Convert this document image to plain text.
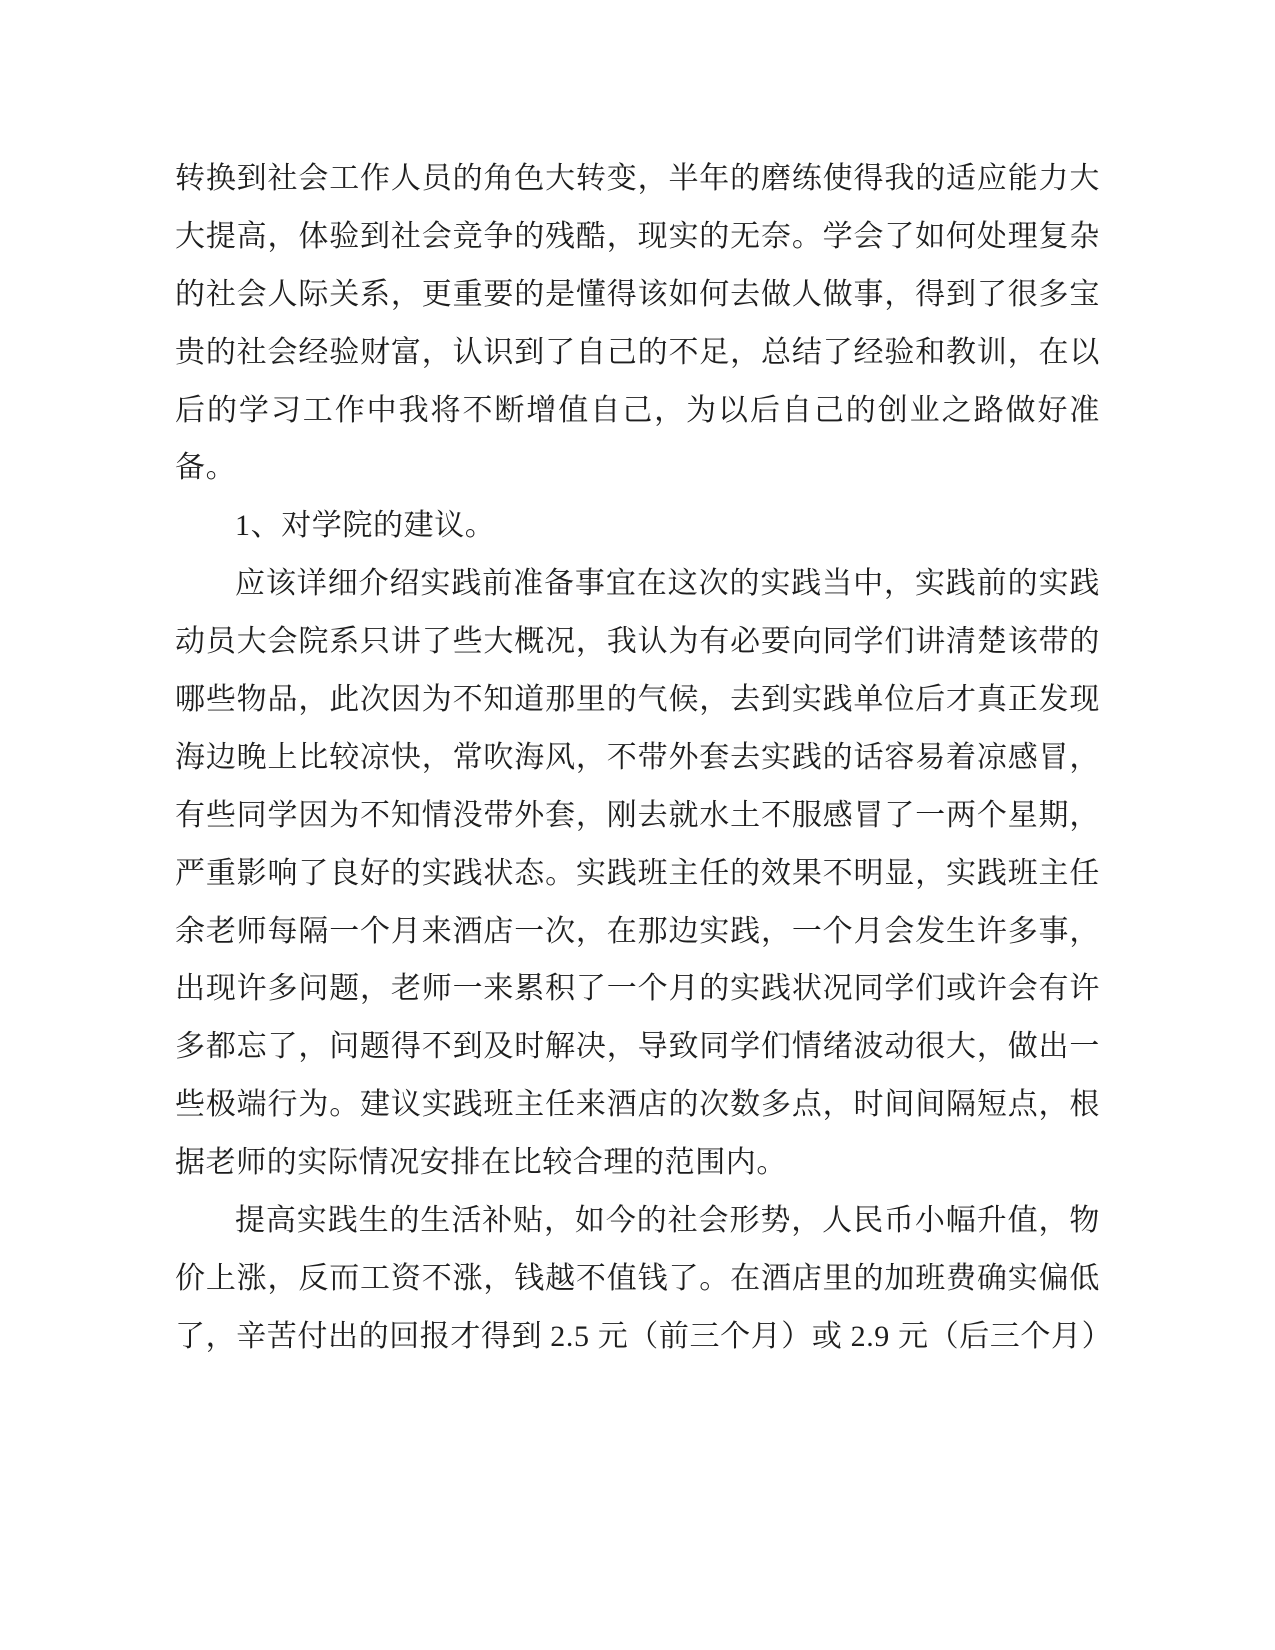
转换到社会工作人员的角色大转变，半年的磨练使得我的适应能力大大提高，体验到社会竞争的残酷，现实的无奈。学会了如何处理复杂的社会人际关系，更重要的是懂得该如何去做人做事，得到了很多宝贵的社会经验财富，认识到了自己的不足，总结了经验和教训，在以后的学习工作中我将不断增值自己，为以后自己的创业之路做好准备。

1、对学院的建议。

应该详细介绍实践前准备事宜在这次的实践当中，实践前的实践动员大会院系只讲了些大概况，我认为有必要向同学们讲清楚该带的哪些物品，此次因为不知道那里的气候，去到实践单位后才真正发现海边晚上比较凉快，常吹海风，不带外套去实践的话容易着凉感冒，有些同学因为不知情没带外套，刚去就水土不服感冒了一两个星期，严重影响了良好的实践状态。实践班主任的效果不明显，实践班主任余老师每隔一个月来酒店一次，在那边实践，一个月会发生许多事，出现许多问题，老师一来累积了一个月的实践状况同学们或许会有许多都忘了，问题得不到及时解决，导致同学们情绪波动很大，做出一些极端行为。建议实践班主任来酒店的次数多点，时间间隔短点，根据老师的实际情况安排在比较合理的范围内。

提高实践生的生活补贴，如今的社会形势，人民币小幅升值，物价上涨，反而工资不涨，钱越不值钱了。在酒店里的加班费确实偏低了，辛苦付出的回报才得到 2.5 元（前三个月）或 2.9 元（后三个月）
